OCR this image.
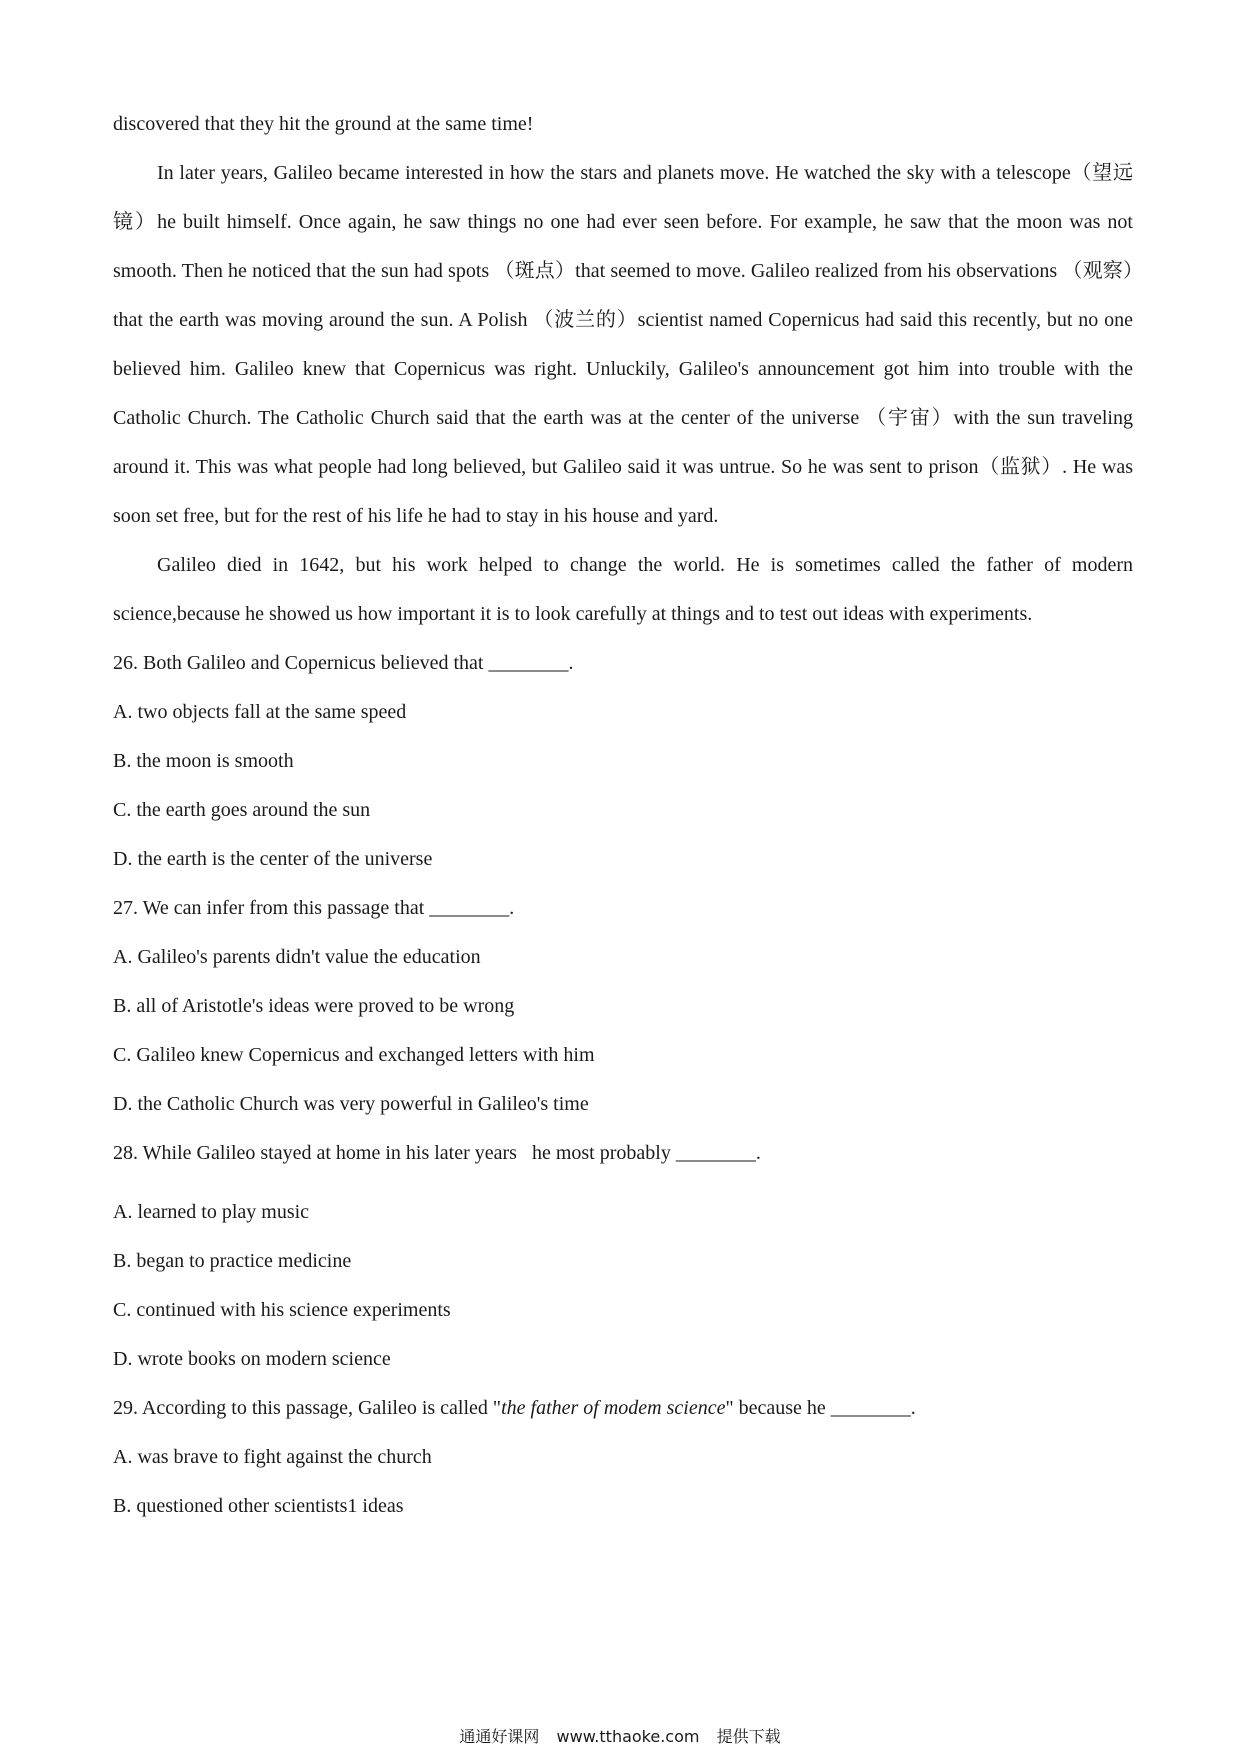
discovered that they hit the ground at the same time!

In later years, Galileo became interested in how the stars and planets move. He watched the sky with a telescope（望远镜）he built himself. Once again, he saw things no one had ever seen before. For example, he saw that the moon was not smooth. Then he noticed that the sun had spots （斑点）that seemed to move. Galileo realized from his observations （观察）that the earth was moving around the sun. A Polish （波兰的）scientist named Copernicus had said this recently, but no one believed him. Galileo knew that Copernicus was right. Unluckily, Galileo's announcement got him into trouble with the Catholic Church. The Catholic Church said that the earth was at the center of the universe （宇宙）with the sun traveling around it. This was what people had long believed, but Galileo said it was untrue. So he was sent to prison（监狱）. He was soon set free, but for the rest of his life he had to stay in his house and yard.

Galileo died in 1642, but his work helped to change the world. He is sometimes called the father of modern science,because he showed us how important it is to look carefully at things and to test out ideas with experiments.

26. Both Galileo and Copernicus believed that ________.

A. two objects fall at the same speed

B. the moon is smooth

C. the earth goes around the sun

D. the earth is the center of the universe

27. We can infer from this passage that ________.

A. Galileo's parents didn't value the education

B. all of Aristotle's ideas were proved to be wrong

C. Galileo knew Copernicus and exchanged letters with him

D. the Catholic Church was very powerful in Galileo's time

28. While Galileo stayed at home in his later years   he most probably ________.

A. learned to play music

B. began to practice medicine

C. continued with his science experiments

D. wrote books on modern science

29. According to this passage, Galileo is called "the father of modem science" because he ________.

A. was brave to fight against the church

B. questioned other scientists1 ideas

通通好课网 www.tthaoke.com 提供下载
